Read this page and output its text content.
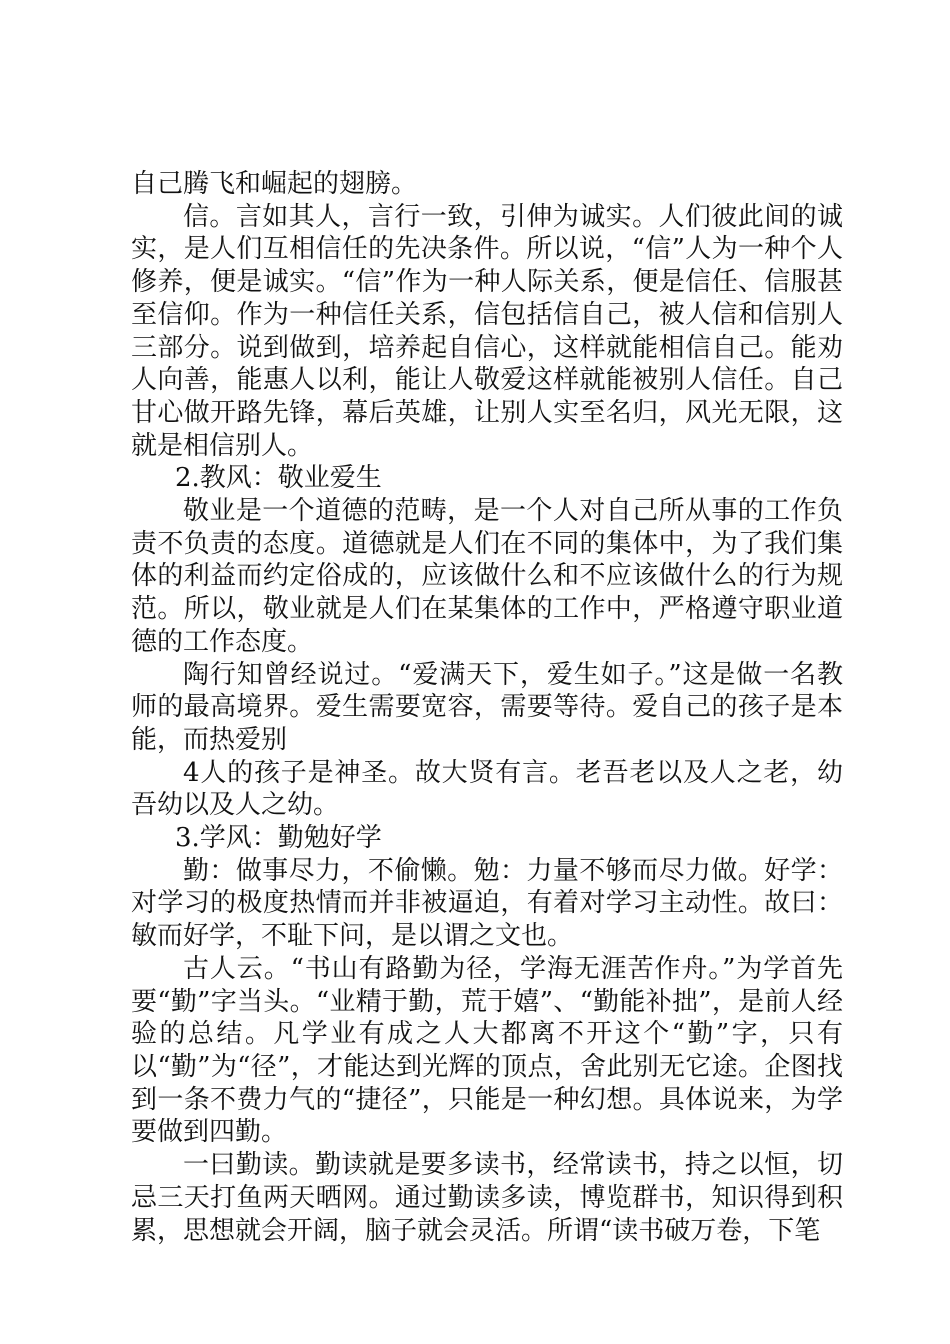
自己腾飞和崛起的翅膀。

信。言如其人，言行一致，引伸为诚实。人们彼此间的诚实，是人们互相信任的先决条件。所以说，“信”人为一种个人修养，便是诚实。“信”作为一种人际关系，便是信任、信服甚至信仰。作为一种信任关系，信包括信自己，被人信和信别人三部分。说到做到，培养起自信心，这样就能相信自己。能劝人向善，能惠人以利，能让人敬爱这样就能被别人信任。自己甘心做开路先锋，幕后英雄，让别人实至名归，风光无限，这就是相信别人。

2.教风：敬业爱生

敬业是一个道德的范畴，是一个人对自己所从事的工作负责不负责的态度。道德就是人们在不同的集体中，为了我们集体的利益而约定俗成的，应该做什么和不应该做什么的行为规范。所以，敬业就是人们在某集体的工作中，严格遵守职业道德的工作态度。

陶行知曾经说过。“爱满天下，爱生如子。”这是做一名教师的最高境界。爱生需要宽容，需要等待。爱自己的孩子是本能，而热爱别

4人的孩子是神圣。故大贤有言。老吾老以及人之老，幼吾幼以及人之幼。

3.学风：勤勉好学

勤：做事尽力，不偷懒。勉：力量不够而尽力做。好学：对学习的极度热情而并非被逼迫，有着对学习主动性。故曰：敏而好学，不耻下问，是以谓之文也。

古人云。“书山有路勤为径，学海无涯苦作舟。”为学首先要“勤”字当头。“业精于勤，荒于嬉”、“勤能补拙”，是前人经验的总结。凡学业有成之人大都离不开这个“勤”字，只有以“勤”为“径”，才能达到光辉的顶点，舍此别无它途。企图找到一条不费力气的“捷径”，只能是一种幻想。具体说来，为学要做到四勤。

一曰勤读。勤读就是要多读书，经常读书，持之以恒，切忌三天打鱼两天晒网。通过勤读多读，博览群书，知识得到积累，思想就会开阔，脑子就会灵活。所谓“读书破万卷，下笔
